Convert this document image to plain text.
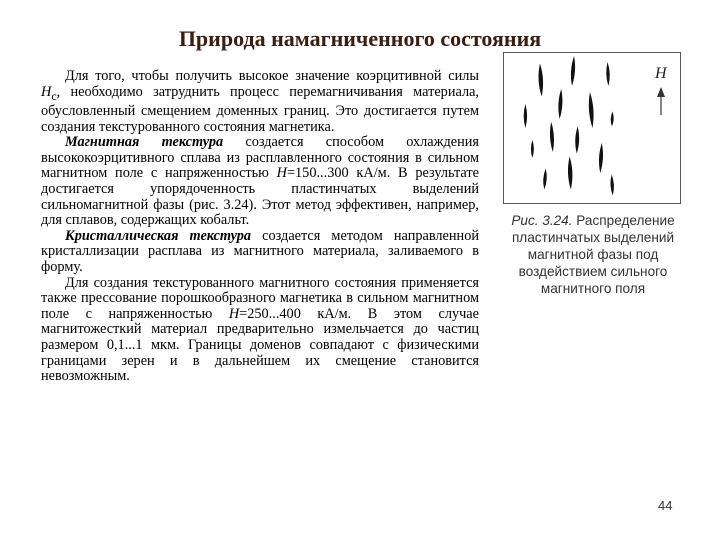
Природа намагниченного состояния

Для того, чтобы получить высокое значение коэрцитивной силы $H_c$, необходимо затруднить процесс перемагничивания материала, обусловленный смещением доменных границ. Это достигается путем создания текстурованного состояния магнетика.

Магнитная текстура создается способом охлаждения высококоэрцитивного сплава из расплавленного состояния в сильном магнитном поле с напряженностью H=150...300 кА/м. В результате достигается упорядоченность пластинчатых выделений сильномагнитной фазы (рис. 3.24). Этот метод эффективен, например, для сплавов, содержащих кобальт.

Кристаллическая текстура создается методом направленной кристаллизации расплава из магнитного материала, заливаемого в форму.

Для создания текстурованного магнитного состояния применяется также прессование порошкообразного магнетика в сильном магнитном поле с напряженностью H=250...400 кА/м. В этом случае магнитожесткий материал предварительно измельчается до частиц размером 0,1...1 мкм. Границы доменов совпадают с физическими границами зерен и в дальнейшем их смещение становится невозможным.

H
Рис. 3.24. Распределение пластинчатых выделений магнитной фазы под воздействием сильного магнитного поля
44
